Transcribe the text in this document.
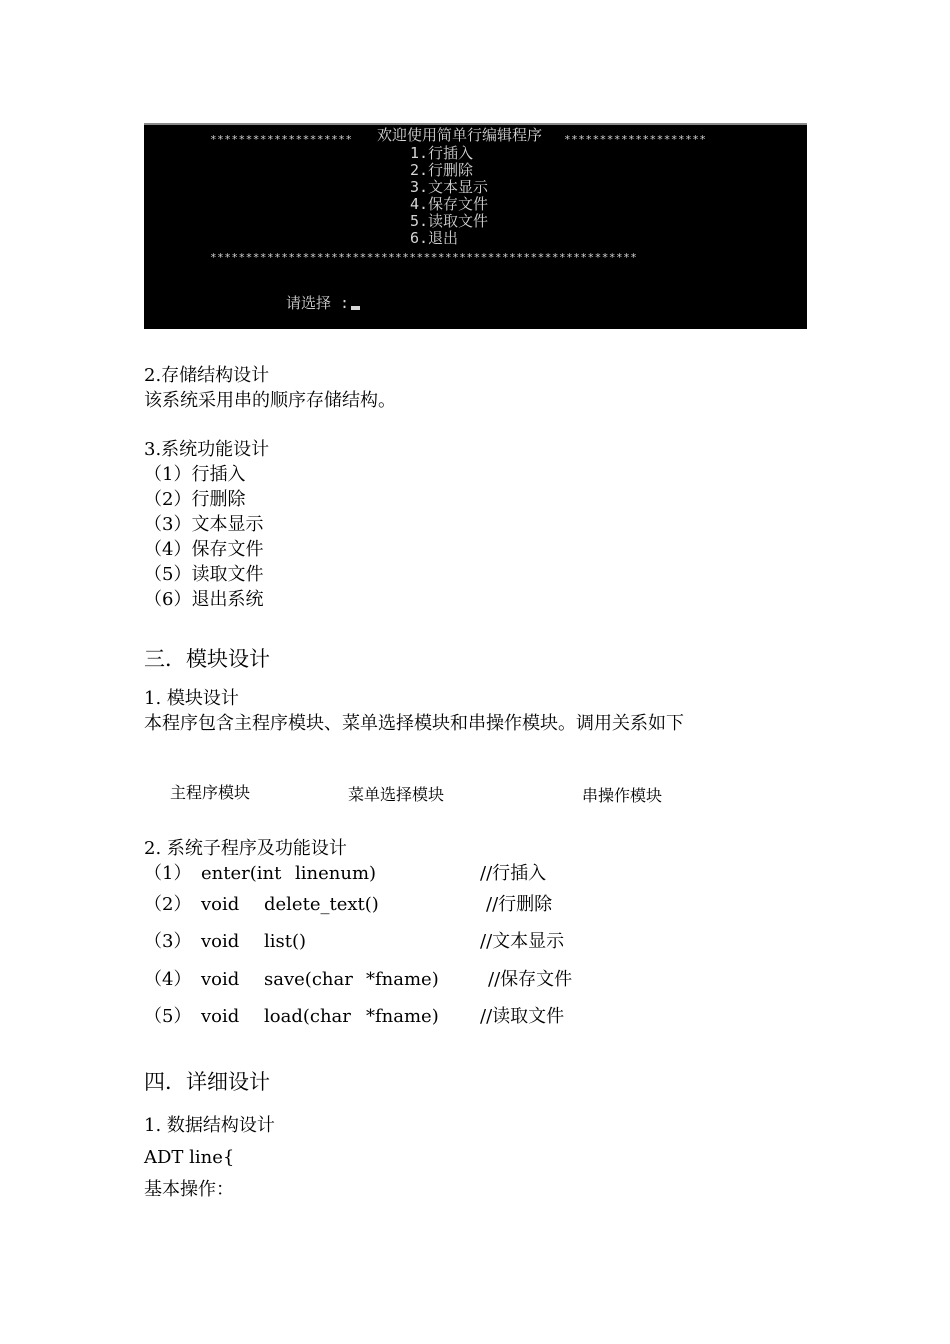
******************** 欢迎使用简单行编辑程序 ********************
1.行插入
2.行删除
3.文本显示
4.保存文件
5.读取文件
6.退出
************************************************************
请选择 :
2.存储结构设计
该系统采用串的顺序存储结构。
3.系统功能设计
（1）行插入
（2）行删除
（3）文本显示
（4）保存文件
（5）读取文件
（6）退出系统
三．模块设计
1. 模块设计
本程序包含主程序模块、菜单选择模块和串操作模块。调用关系如下
主程序模块	菜单选择模块	串操作模块
2. 系统子程序及功能设计
（1） enter(int linenum)	//行插入
（2） void delete_text()	//行删除
（3） void list()	//文本显示
（4） void save(char *fname)	//保存文件
（5） void load(char *fname) //读取文件
四．详细设计
1. 数据结构设计
ADT line{
基本操作：
